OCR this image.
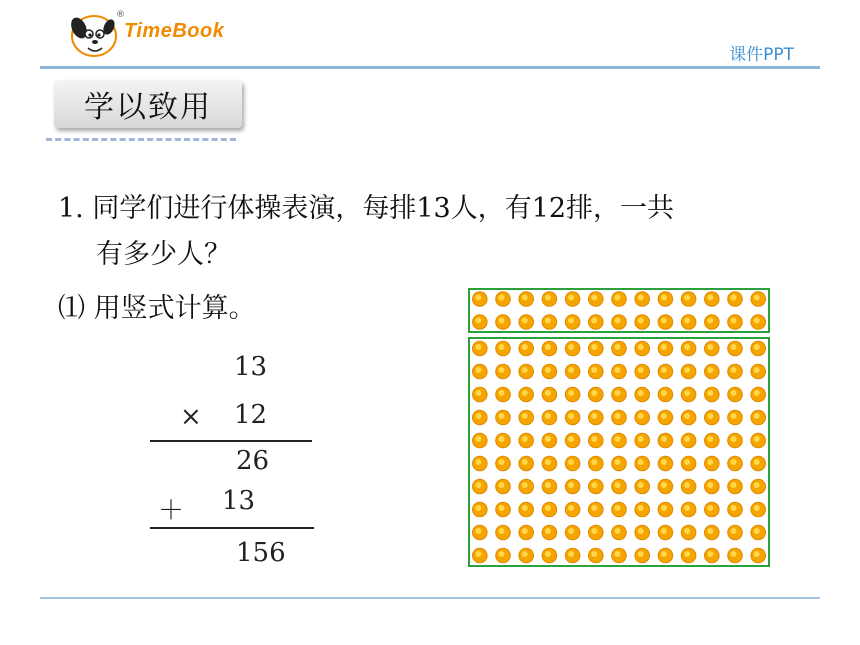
TimeBook
®
课件PPT
学以致用
1. 同学们进行体操表演，每排13人，有12排，一共
有多少人？
⑴ 用竖式计算。
13
× 12
26
＋ 13
156
